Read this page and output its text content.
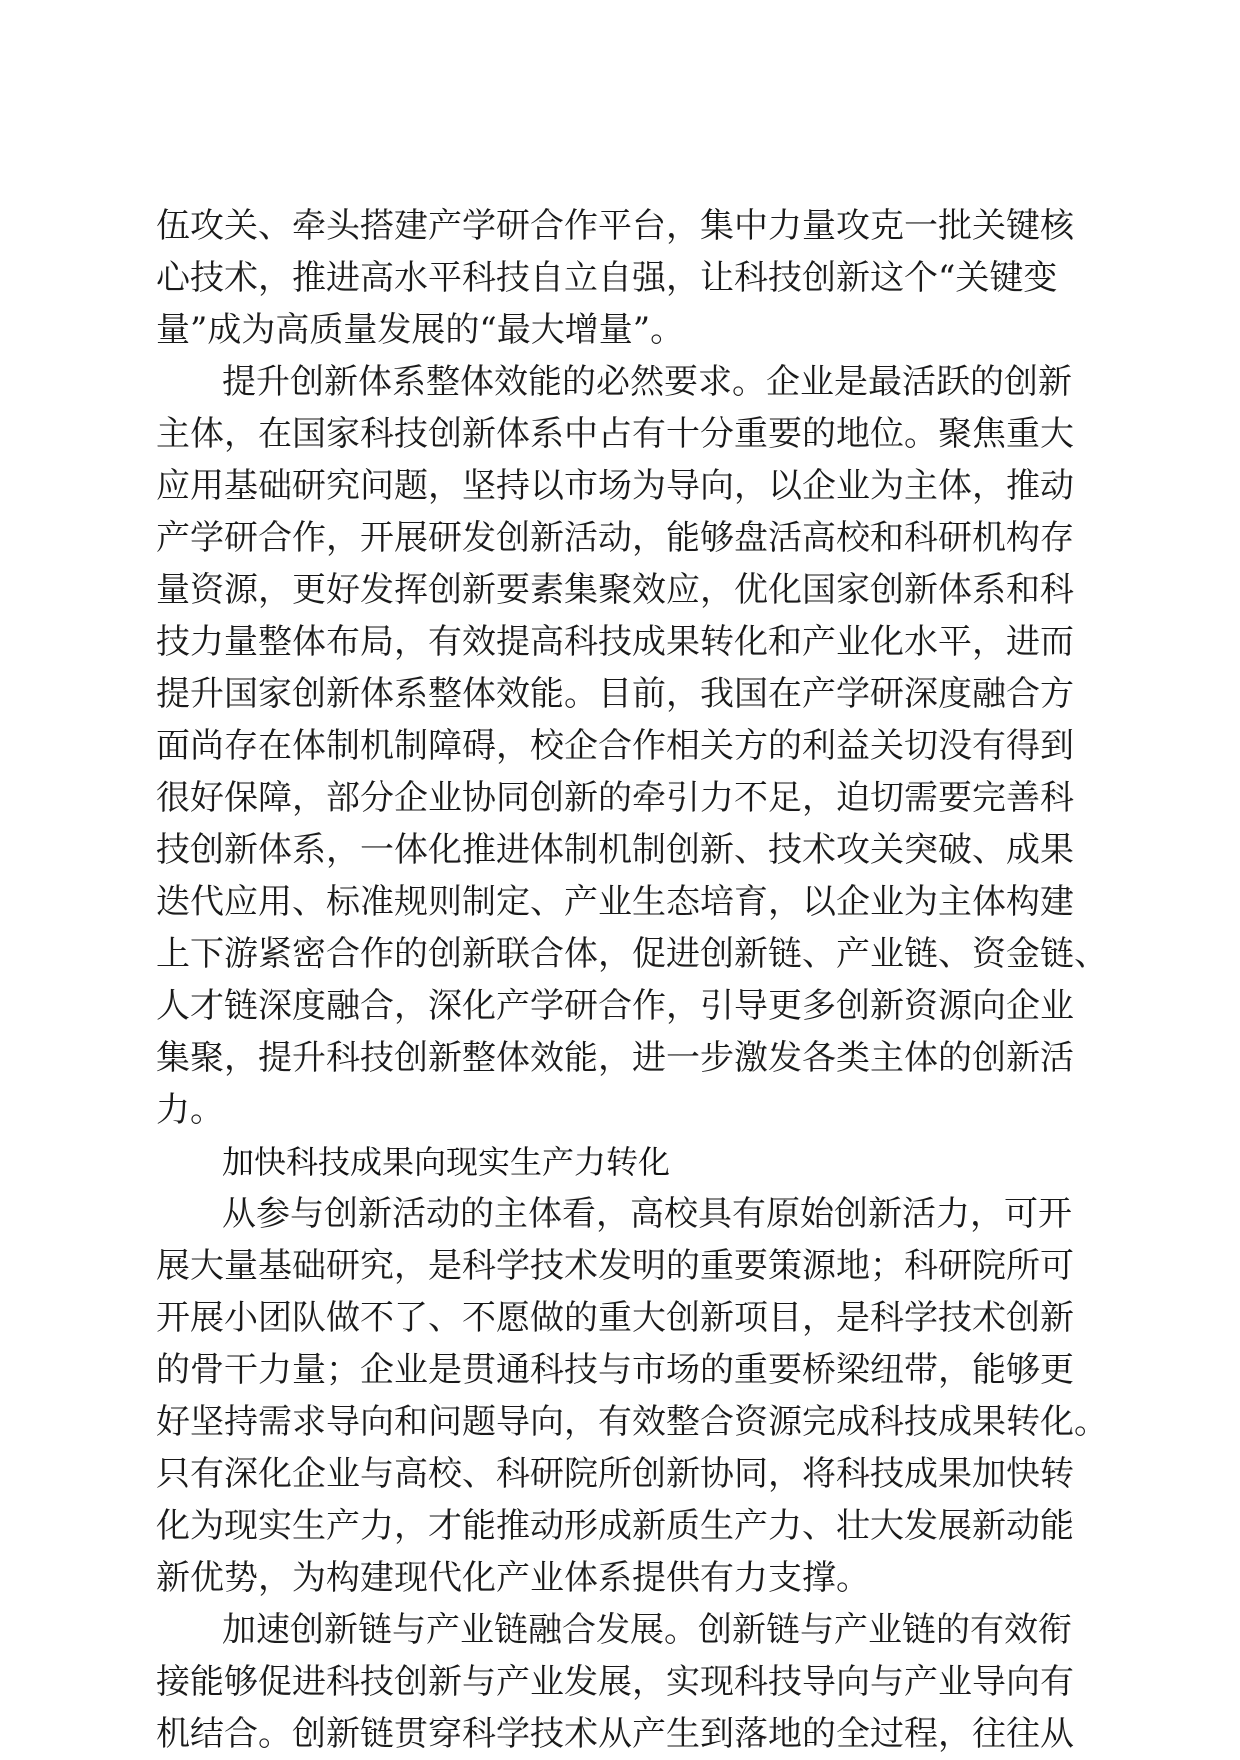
伍攻关、牵头搭建产学研合作平台，集中力量攻克一批关键核
心技术，推进高水平科技自立自强，让科技创新这个“关键变
量”成为高质量发展的“最大增量”。
提升创新体系整体效能的必然要求。企业是最活跃的创新
主体，在国家科技创新体系中占有十分重要的地位。聚焦重大
应用基础研究问题，坚持以市场为导向，以企业为主体，推动
产学研合作，开展研发创新活动，能够盘活高校和科研机构存
量资源，更好发挥创新要素集聚效应，优化国家创新体系和科
技力量整体布局，有效提高科技成果转化和产业化水平，进而
提升国家创新体系整体效能。目前，我国在产学研深度融合方
面尚存在体制机制障碍，校企合作相关方的利益关切没有得到
很好保障，部分企业协同创新的牵引力不足，迫切需要完善科
技创新体系，一体化推进体制机制创新、技术攻关突破、成果
迭代应用、标准规则制定、产业生态培育，以企业为主体构建
上下游紧密合作的创新联合体，促进创新链、产业链、资金链、
人才链深度融合，深化产学研合作，引导更多创新资源向企业
集聚，提升科技创新整体效能，进一步激发各类主体的创新活
力。
加快科技成果向现实生产力转化
从参与创新活动的主体看，高校具有原始创新活力，可开
展大量基础研究，是科学技术发明的重要策源地；科研院所可
开展小团队做不了、不愿做的重大创新项目，是科学技术创新
的骨干力量；企业是贯通科技与市场的重要桥梁纽带，能够更
好坚持需求导向和问题导向，有效整合资源完成科技成果转化。
只有深化企业与高校、科研院所创新协同，将科技成果加快转
化为现实生产力，才能推动形成新质生产力、壮大发展新动能
新优势，为构建现代化产业体系提供有力支撑。
加速创新链与产业链融合发展。创新链与产业链的有效衔
接能够促进科技创新与产业发展，实现科技导向与产业导向有
机结合。创新链贯穿科学技术从产生到落地的全过程，往往从
